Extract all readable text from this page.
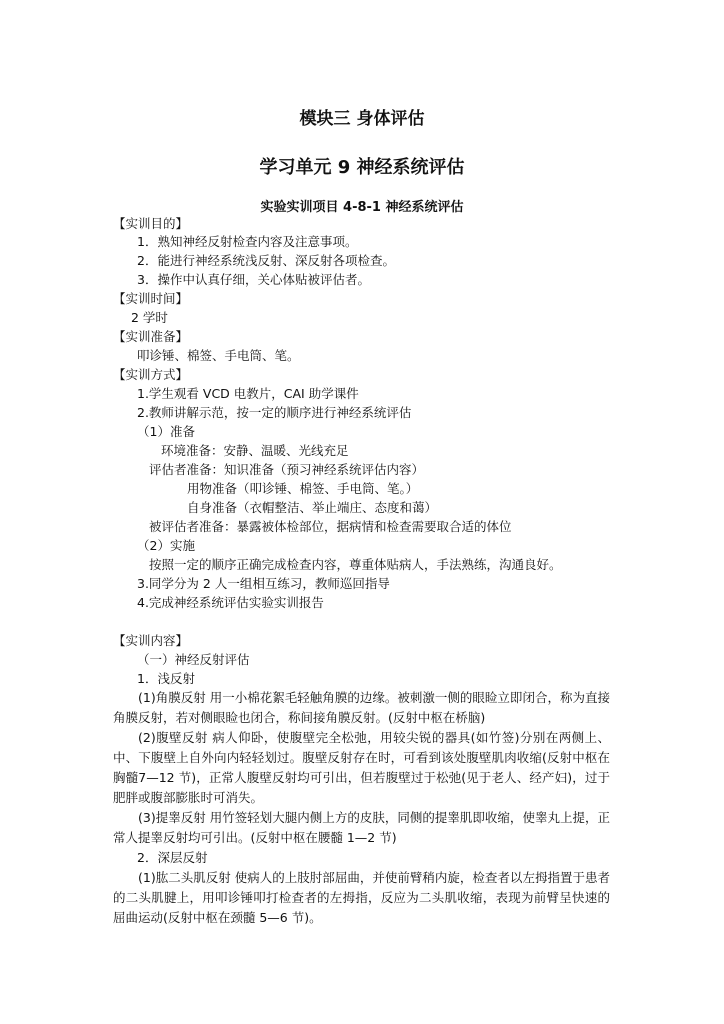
模块三 身体评估
学习单元 9 神经系统评估
实验实训项目 4-8-1 神经系统评估
【实训目的】
1．熟知神经反射检查内容及注意事项。
2．能进行神经系统浅反射、深反射各项检查。
3．操作中认真仔细，关心体贴被评估者。
【实训时间】
2 学时
【实训准备】
叩诊锤、棉签、手电筒、笔。
【实训方式】
1.学生观看 VCD 电教片，CAI 助学课件
2.教师讲解示范，按一定的顺序进行神经系统评估
（1）准备
环境准备：安静、温暖、光线充足
评估者准备：知识准备（预习神经系统评估内容）
用物准备（叩诊锤、棉签、手电筒、笔。）
自身准备（衣帽整洁、举止端庄、态度和蔼）
被评估者准备：暴露被体检部位，据病情和检查需要取合适的体位
（2）实施
按照一定的顺序正确完成检查内容，尊重体贴病人，手法熟练，沟通良好。
3.同学分为 2 人一组相互练习，教师巡回指导
4.完成神经系统评估实验实训报告
【实训内容】
（一）神经反射评估
1．浅反射
(1)角膜反射 用一小棉花絮毛轻触角膜的边缘。被刺激一侧的眼睑立即闭合，称为直接角膜反射，若对侧眼睑也闭合，称间接角膜反射。(反射中枢在桥脑)
(2)腹壁反射 病人仰卧，使腹壁完全松弛，用较尖锐的器具(如竹签)分别在两侧上、中、下腹壁上自外向内轻轻划过。腹壁反射存在时，可看到该处腹壁肌肉收缩(反射中枢在胸髓7—12 节)，正常人腹壁反射均可引出，但若腹壁过于松弛(见于老人、经产妇)，过于肥胖或腹部膨胀时可消失。
(3)提睾反射 用竹签轻划大腿内侧上方的皮肤，同侧的提睾肌即收缩，使睾丸上提，正常人提睾反射均可引出。(反射中枢在腰髓 1—2 节)
2．深层反射
(1)肱二头肌反射 使病人的上肢肘部屈曲，并使前臂稍内旋，检查者以左拇指置于患者的二头肌腱上，用叩诊锤叩打检查者的左拇指，反应为二头肌收缩，表现为前臂呈快速的屈曲运动(反射中枢在颈髓 5—6 节)。
